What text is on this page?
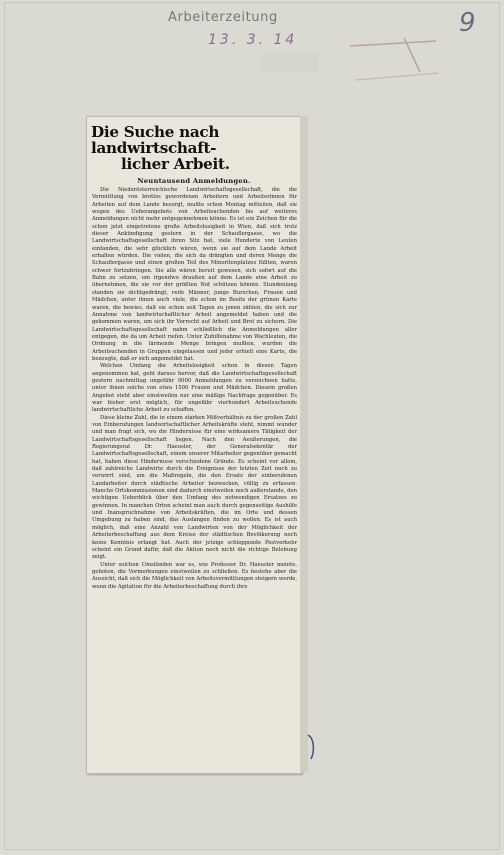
Arbeiterzeitung
13. 3. 14
9
Die Suche nach landwirtschaft-
licher Arbeit.
Neuntausend Anmeldungen.

Die Niederösterreichische Landwirtschaftsgesellschaft, die die Vermittlung von brotlos gewordenen Arbeitern und Arbeiterinnen für Arbeiten auf dem Lande besorgt, mußte schon Montag mitteilen, daß sie wegen des Ueberangebots von Arbeitsuchenden bis auf weiteres Anmeldungen nicht mehr entgegennehmen könne. Es ist ein Zeichen für die schon jetzt eingetretene große Arbeitslosigkeit in Wien, daß sich trotz dieser Ankündigung gestern in der Schauflergasse, wo die Landwirtschaftsgesellschaft ihren Sitz hat, viele Hunderte von Leuten einfanden, die sehr glücklich wären, wenn sie auf dem Lande Arbeit erhalten würden. Die vielen, die sich da drängten und deren Menge die Schauflergasse und einen großen Teil des Minoritenplatzes füllten, waren schwer fortzubringen. Sie alle wären bereit gewesen, sich sofort auf die Bahn zu setzen, um irgendwo draußen auf dem Lande eine Arbeit zu übernehmen, die sie vor der größten Not schützen könnte. Stundenlang standen sie dichtgedrängt, reife Männer, junge Burschen, Frauen und Mädchen, unter ihnen auch viele, die schon im Besitz der grünen Karte waren, die bewies, daß sie schon seit Tagen zu jenen zählen, die sich zur Annahme von landwirtschaftlicher Arbeit angemeldet haben und die gekommen waren, um sich ihr Vorrecht auf Arbeit und Brot zu sichern. Die Landwirtschaftsgesellschaft nahm schließlich die Anmeldungen aller entgegen, die da um Arbeit riefen. Unter Zuhilfenahme von Wachleuten, die Ordnung in die lärmende Menge bringen mußten, wurden die Arbeitsuchenden in Gruppen eingelassen und jeder erhielt eine Karte, die bezeugte, daß er sich angemeldet hat.

Welchen Umfang die Arbeitslosigkeit schon in diesen Tagen angenommen hat, geht daraus hervor, daß die Landwirtschaftsgesellschaft gestern nachmittag ungefähr 9000 Anmeldungen zu verzeichnen hatte, unter ihnen solche von etwa 1500 Frauen und Mädchen. Diesem großen Angebot steht aber einstweilen nur eine mäßige Nachfrage gegenüber. Es war bisher erst möglich, für ungefähr vierhundert Arbeitsuchende landwirtschaftliche Arbeit zu schaffen.

Diese kleine Zahl, die in einem starken Mißverhältnis zu der großen Zahl von Einberufungen landwirtschaftlicher Arbeitskräfte steht, nimmt wunder und man fragt sich, wo die Hindernisse für eine wirksamere Tätigkeit der Landwirtschaftsgesellschaft liegen. Nach den Aeußerungen, die Regierungsrat Dr. Haeusler, der Generalsekretär der Landwirtschaftsgesellschaft, einem unserer Mitarbeiter gegenüber gemacht hat, haben diese Hindernisse verschiedene Gründe. Es scheint vor allem, daß zahlreiche Landwirte durch die Ereignisse der letzten Zeit noch zu verwirrt sind, um die Maßregeln, die den Ersatz der einberufenen Landarbeiter durch städtische Arbeiter bezwecken, völlig zu erfassen. Manche Ortskommissionen sind dadurch einstweilen noch außerstande, den wichtigen Ueberblick über den Umfang des notwendigen Ersatzes zu gewinnen. In manchen Orten scheint man auch durch gegenseitige Aushilfe und Inanspruchnahme von Arbeitskräften, die im Orte und dessen Umgebung zu haben sind, das Auslangen finden zu wollen. Es ist auch möglich, daß eine Anzahl von Landwirten von der Möglichkeit der Arbeiterbeschaffung aus dem Kreise der städtischen Bevölkerung noch keine Kenntnis erlangt hat. Auch der jetzige schleppende Postverkehr scheint ein Grund dafür, daß die Aktion noch nicht die richtige Belebung zeigt.

Unter solchen Umständen war es, wie Professor Dr. Haeusler meinte, geboten, die Vormerkungen einstweilen zu schließen. Es bestehe aber die Aussicht, daß sich die Möglichkeit von Arbeitsvermittlungen steigern werde, wenn die Agitation für die Arbeiterbeschaffung durch ihre
